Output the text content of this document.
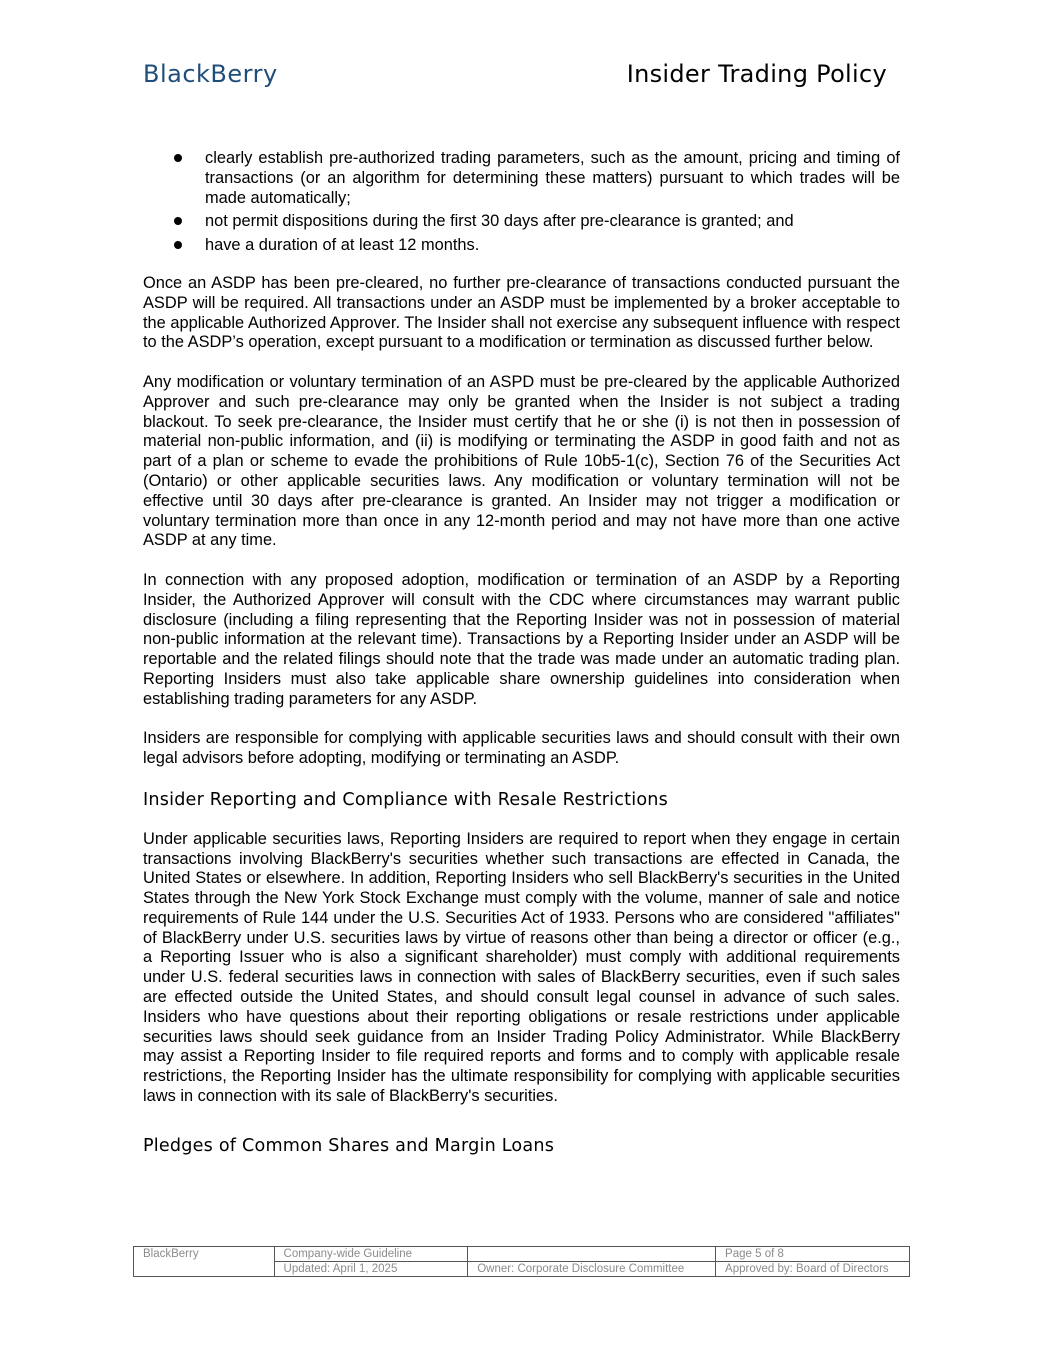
BlackBerry	Insider Trading Policy
clearly establish pre-authorized trading parameters, such as the amount, pricing and timing of transactions (or an algorithm for determining these matters) pursuant to which trades will be made automatically;
not permit dispositions during the first 30 days after pre-clearance is granted; and
have a duration of at least 12 months.

Once an ASDP has been pre-cleared, no further pre-clearance of transactions conducted pursuant the ASDP will be required. All transactions under an ASDP must be implemented by a broker acceptable to the applicable Authorized Approver. The Insider shall not exercise any subsequent influence with respect to the ASDP’s operation, except pursuant to a modification or termination as discussed further below.

Any modification or voluntary termination of an ASPD must be pre-cleared by the applicable Authorized Approver and such pre-clearance may only be granted when the Insider is not subject a trading blackout. To seek pre-clearance, the Insider must certify that he or she (i) is not then in possession of material non-public information, and (ii) is modifying or terminating the ASDP in good faith and not as part of a plan or scheme to evade the prohibitions of Rule 10b5-1(c), Section 76 of the Securities Act (Ontario) or other applicable securities laws. Any modification or voluntary termination will not be effective until 30 days after pre-clearance is granted. An Insider may not trigger a modification or voluntary termination more than once in any 12-month period and may not have more than one active ASDP at any time.

In connection with any proposed adoption, modification or termination of an ASDP by a Reporting Insider, the Authorized Approver will consult with the CDC where circumstances may warrant public disclosure (including a filing representing that the Reporting Insider was not in possession of material non-public information at the relevant time). Transactions by a Reporting Insider under an ASDP will be reportable and the related filings should note that the trade was made under an automatic trading plan. Reporting Insiders must also take applicable share ownership guidelines into consideration when establishing trading parameters for any ASDP.

Insiders are responsible for complying with applicable securities laws and should consult with their own legal advisors before adopting, modifying or terminating an ASDP.

Insider Reporting and Compliance with Resale Restrictions

Under applicable securities laws, Reporting Insiders are required to report when they engage in certain transactions involving BlackBerry's securities whether such transactions are effected in Canada, the United States or elsewhere. In addition, Reporting Insiders who sell BlackBerry's securities in the United States through the New York Stock Exchange must comply with the volume, manner of sale and notice requirements of Rule 144 under the U.S. Securities Act of 1933. Persons who are considered "affiliates" of BlackBerry under U.S. securities laws by virtue of reasons other than being a director or officer (e.g., a Reporting Issuer who is also a significant shareholder) must comply with additional requirements under U.S. federal securities laws in connection with sales of BlackBerry securities, even if such sales are effected outside the United States, and should consult legal counsel in advance of such sales. Insiders who have questions about their reporting obligations or resale restrictions under applicable securities laws should seek guidance from an Insider Trading Policy Administrator. While BlackBerry may assist a Reporting Insider to file required reports and forms and to comply with applicable resale restrictions, the Reporting Insider has the ultimate responsibility for complying with applicable securities laws in connection with its sale of BlackBerry's securities.

Pledges of Common Shares and Margin Loans
BlackBerry	Company-wide Guideline		Page 5 of 8
	Updated: April 1, 2025	Owner: Corporate Disclosure Committee	Approved by: Board of Directors
